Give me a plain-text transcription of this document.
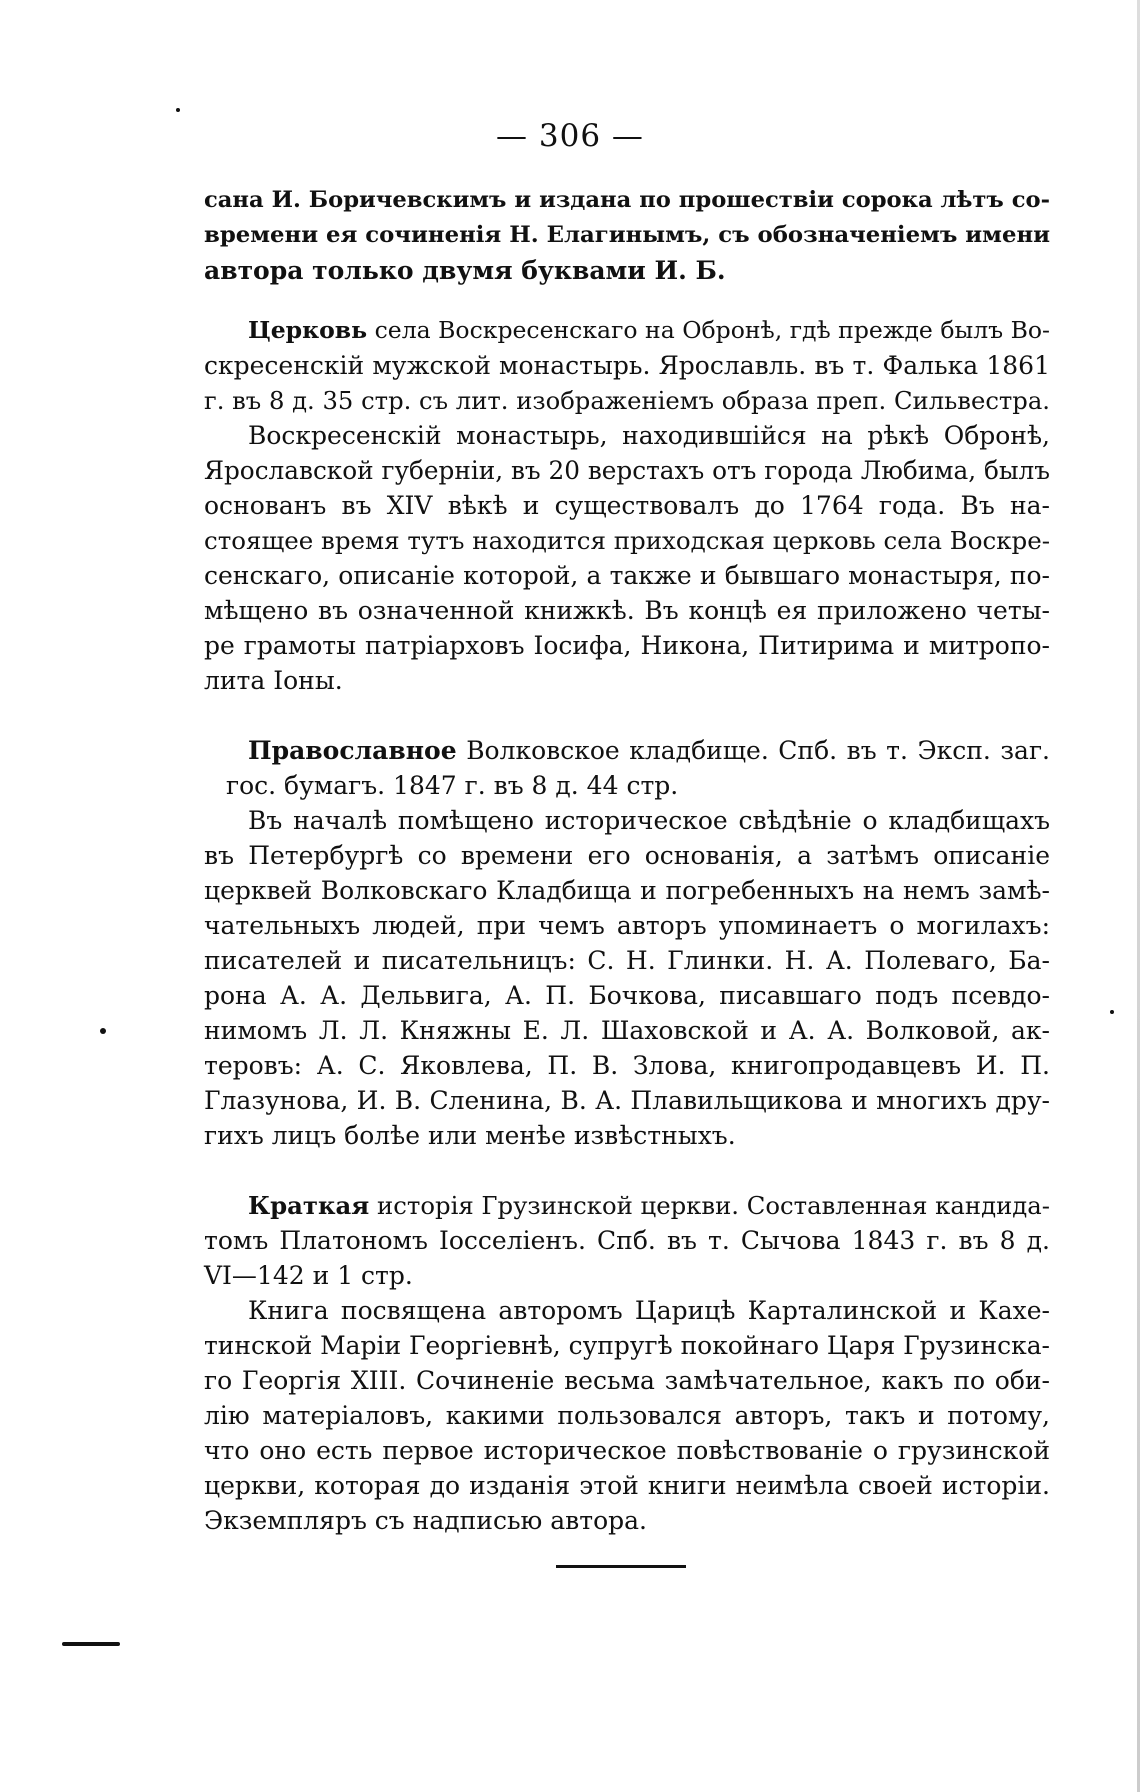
— 306 —
сана И. Боричевскимъ и издана по прошествіи сорока лѣтъ со-
времени ея сочиненія Н. Елагинымъ, съ обозначеніемъ имени
автора только двумя буквами И. Б.
Церковь села Воскресенскаго на Обронѣ, гдѣ прежде былъ Во-
скресенскій мужской монастырь. Ярославль. въ т. Фалька 1861
г. въ 8 д. 35 стр. съ лит. изображеніемъ образа преп. Сильвестра.
Воскресенскій монастырь, находившійся на рѣкѣ Обронѣ,
Ярославской губерніи, въ 20 верстахъ отъ города Любима, былъ
основанъ въ XIV вѣкѣ и существовалъ до 1764 года. Въ на-
стоящее время тутъ находится приходская церковь села Воскре-
сенскаго, описаніе которой, а также и бывшаго монастыря, по-
мѣщено въ означенной книжкѣ. Въ концѣ ея приложено четы-
ре грамоты патріарховъ Іосифа, Никона, Питирима и митропо-
лита Іоны.
Православное Волковское кладбище. Спб. въ т. Эксп. заг.
гос. бумагъ. 1847 г. въ 8 д. 44 стр.
Въ началѣ помѣщено историческое свѣдѣніе о кладбищахъ
въ Петербургѣ со времени его основанія, а затѣмъ описаніе
церквей Волковскаго Кладбища и погребенныхъ на немъ замѣ-
чательныхъ людей, при чемъ авторъ упоминаетъ о могилахъ:
писателей и писательницъ: С. Н. Глинки. Н. А. Полеваго, Ба-
рона А. А. Дельвига, А. П. Бочкова, писавшаго подъ псевдо-
нимомъ Л. Л. Княжны Е. Л. Шаховской и А. А. Волковой, ак-
теровъ: А. С. Яковлева, П. В. Злова, книгопродавцевъ И. П.
Глазунова, И. В. Сленина, В. А. Плавильщикова и многихъ дру-
гихъ лицъ болѣе или менѣе извѣстныхъ.
Краткая исторія Грузинской церкви. Составленная кандида-
томъ Платономъ Іосселіенъ. Спб. въ т. Сычова 1843 г. въ 8 д.
VI—142 и 1 стр.
Книга посвящена авторомъ Царицѣ Карталинской и Кахе-
тинской Маріи Георгіевнѣ, супругѣ покойнаго Царя Грузинска-
го Георгія XIII. Сочиненіе весьма замѣчательное, какъ по оби-
лію матеріаловъ, какими пользовался авторъ, такъ и потому,
что оно есть первое историческое повѣствованіе о грузинской
церкви, которая до изданія этой книги неимѣла своей исторіи.
Экземпляръ съ надписью автора.
